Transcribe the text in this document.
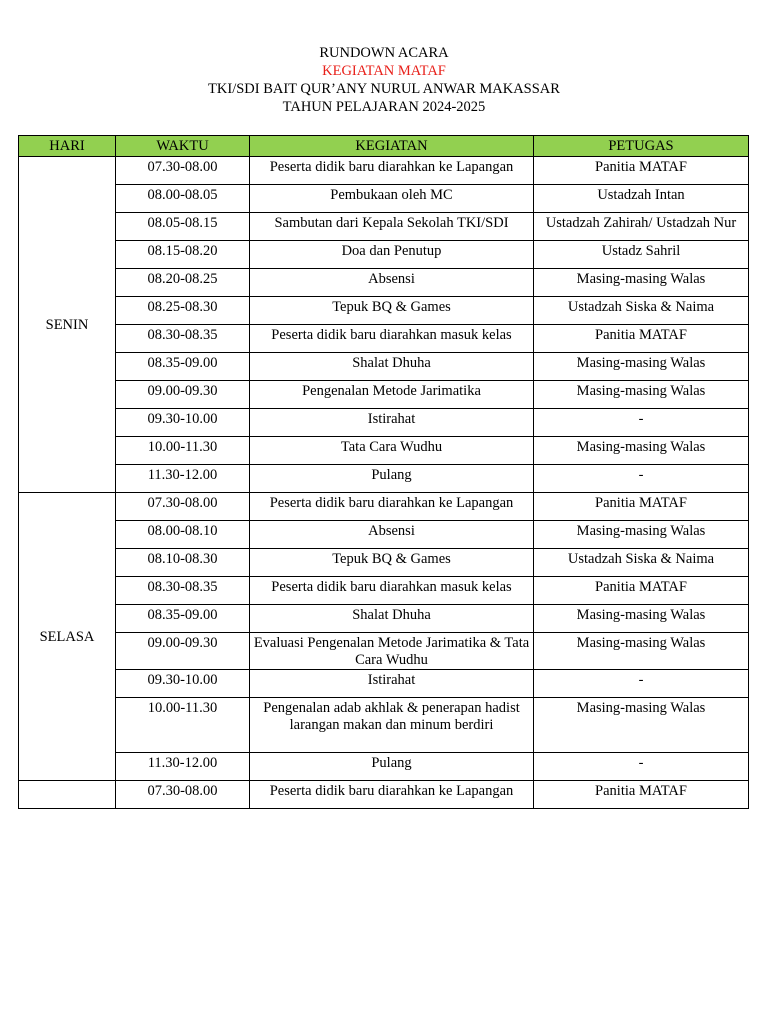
RUNDOWN ACARA
KEGIATAN MATAF
TKI/SDI BAIT QUR’ANY NURUL ANWAR MAKASSAR
TAHUN PELAJARAN 2024-2025
HARI	WAKTU	KEGIATAN	PETUGAS
SENIN	07.30-08.00	Peserta didik baru diarahkan ke Lapangan	Panitia MATAF
	08.00-08.05	Pembukaan oleh MC	Ustadzah Intan
	08.05-08.15	Sambutan dari Kepala Sekolah TKI/SDI	Ustadzah Zahirah/ Ustadzah Nur
	08.15-08.20	Doa dan Penutup	Ustadz Sahril
	08.20-08.25	Absensi	Masing-masing Walas
	08.25-08.30	Tepuk BQ & Games	Ustadzah Siska & Naima
	08.30-08.35	Peserta didik baru diarahkan masuk kelas	Panitia MATAF
	08.35-09.00	Shalat Dhuha	Masing-masing Walas
	09.00-09.30	Pengenalan Metode Jarimatika	Masing-masing Walas
	09.30-10.00	Istirahat	-
	10.00-11.30	Tata Cara Wudhu	Masing-masing Walas
	11.30-12.00	Pulang	-
SELASA	07.30-08.00	Peserta didik baru diarahkan ke Lapangan	Panitia MATAF
	08.00-08.10	Absensi	Masing-masing Walas
	08.10-08.30	Tepuk BQ & Games	Ustadzah Siska & Naima
	08.30-08.35	Peserta didik baru diarahkan masuk kelas	Panitia MATAF
	08.35-09.00	Shalat Dhuha	Masing-masing Walas
	09.00-09.30	Evaluasi Pengenalan Metode Jarimatika & Tata Cara Wudhu	Masing-masing Walas
	09.30-10.00	Istirahat	-
	10.00-11.30	Pengenalan adab akhlak & penerapan hadist larangan makan dan minum berdiri	Masing-masing Walas
	11.30-12.00	Pulang	-
	07.30-08.00	Peserta didik baru diarahkan ke Lapangan	Panitia MATAF
